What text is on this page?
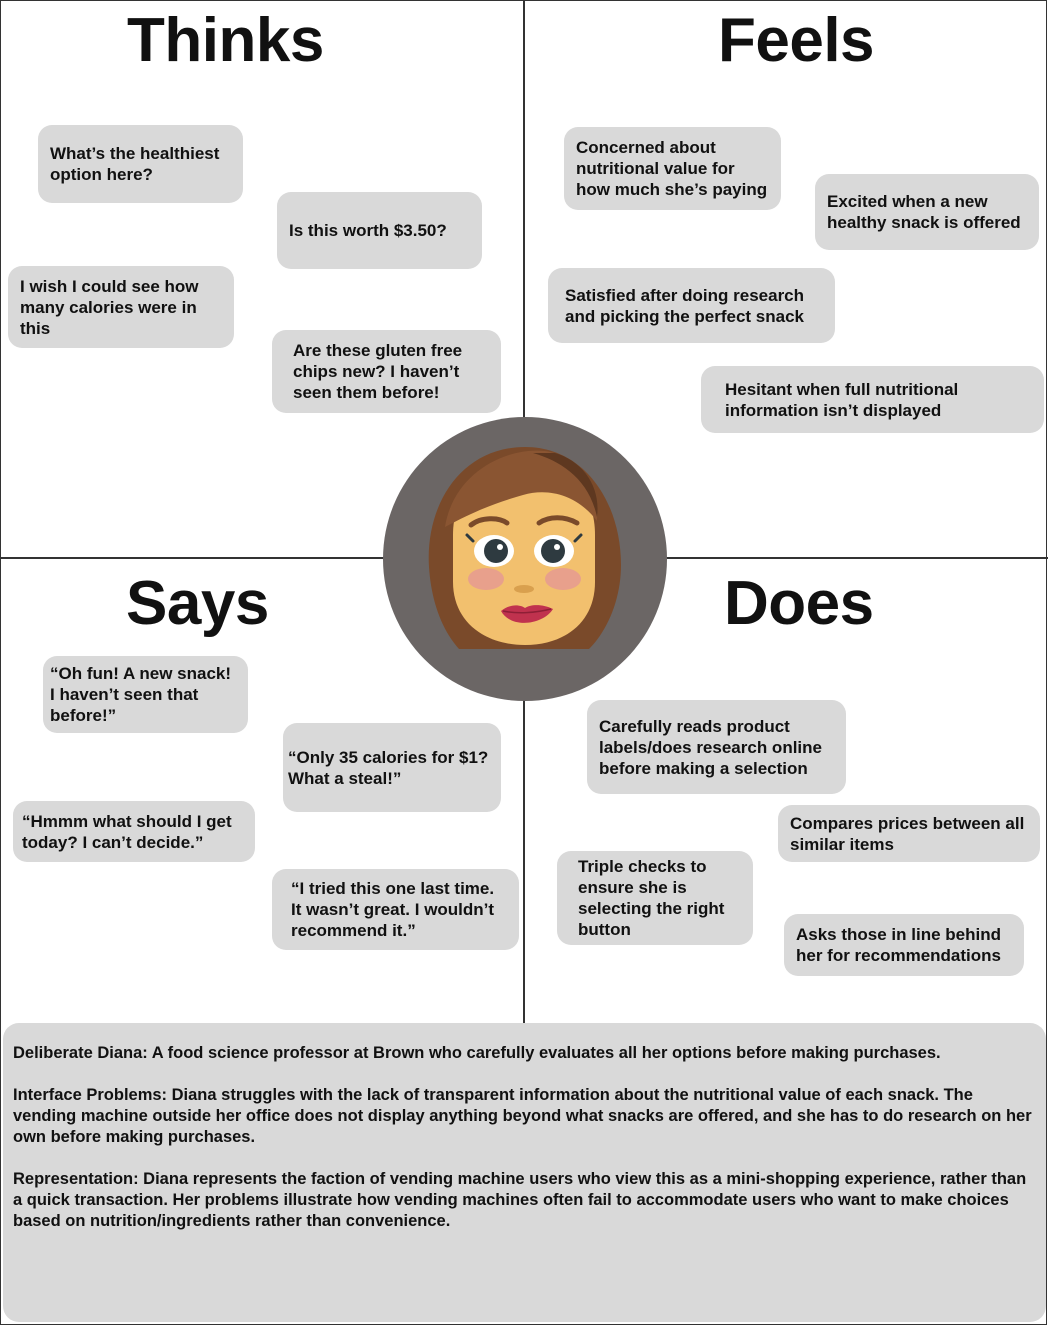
Thinks
What’s the healthiest option here?
Is this worth $3.50?
I wish I could see how many calories were in this
Are these gluten free chips new? I haven’t seen them before!
Feels
Concerned about nutritional value for how much she’s paying
Excited when a new healthy snack is offered
Satisfied after doing research and picking the perfect snack
Hesitant when full nutritional information isn’t displayed
Says
“Oh fun! A new snack! I haven’t seen that before!”
“Only 35 calories for $1? What a steal!”
“Hmmm what should I get today? I can’t decide.”
“I tried this one last time. It wasn’t great. I wouldn’t recommend it.”
Does
Carefully reads product labels/does research online before making a selection
Compares prices between all similar items
Triple checks to ensure she is selecting the right button	Asks those in line behind her for recommendations

Deliberate Diana: A food science professor at Brown who carefully evaluates all her options before making purchases.

Interface Problems: Diana struggles with the lack of transparent information about the nutritional value of each snack. The vending machine outside her office does not display anything beyond what snacks are offered, and she has to do research on her own before making purchases.

Representation: Diana represents the faction of vending machine users who view this as a mini-shopping experience, rather than a quick transaction. Her problems illustrate how vending machines often fail to accommodate users who want to make choices based on nutrition/ingredients rather than convenience.
